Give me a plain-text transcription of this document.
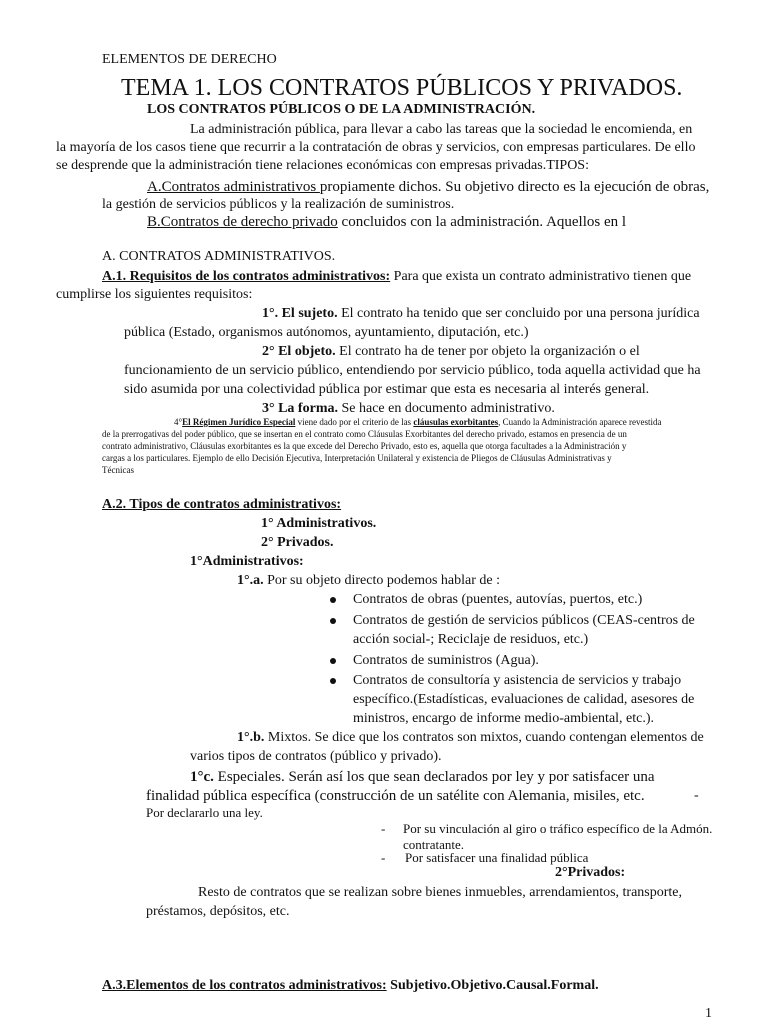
ELEMENTOS DE DERECHO
TEMA 1. LOS CONTRATOS PÚBLICOS Y PRIVADOS.
LOS CONTRATOS PÚBLICOS O DE LA ADMINISTRACIÓN.
La administración pública, para llevar a cabo las tareas que la sociedad le encomienda, en
la mayoría de los casos tiene que recurrir a la contratación de obras y servicios, con empresas particulares. De ello
se desprende que la administración tiene relaciones económicas con empresas privadas.TIPOS:
A.Contratos administrativos propiamente dichos. Su objetivo directo es la ejecución de obras,
la gestión de servicios públicos y la realización de suministros.
B.Contratos de derecho privado concluidos con la administración. Aquellos en l
A. CONTRATOS ADMINISTRATIVOS.
A.1. Requisitos de los contratos administrativos: Para que exista un contrato administrativo tienen que
cumplirse los siguientes requisitos:
1°. El sujeto. El contrato ha tenido que ser concluido por una persona jurídica
pública (Estado, organismos autónomos, ayuntamiento, diputación, etc.)
2° El objeto. El contrato ha de tener por objeto la organización o el
funcionamiento de un servicio público, entendiendo por servicio público, toda aquella actividad que ha
sido asumida por una colectividad pública por estimar que esta es necesaria al interés general.
3° La forma. Se hace en documento administrativo.
4°El Régimen Jurídico Especial viene dado por el criterio de las cláusulas exorbitantes, Cuando la Administración aparece revestida
de la prerrogativas del poder público, que se insertan en el contrato como Cláusulas Exorbitantes del derecho privado, estamos en presencia de un
contrato administrativo, Cláusulas exorbitantes es la que excede del Derecho Privado, esto es, aquella que otorga facultades a la Administración y
cargas a los particulares. Ejemplo de ello Decisión Ejecutiva, Interpretación Unilateral y existencia de Pliegos de Cláusulas Administrativas y
Técnicas
A.2. Tipos de contratos administrativos:
1° Administrativos.
2° Privados.
1°Administrativos:
1°.a. Por su objeto directo podemos hablar de :
Contratos de obras (puentes, autovías, puertos, etc.)
Contratos de gestión de servicios públicos (CEAS-centros de
acción social-; Reciclaje de residuos, etc.)
Contratos de suministros (Agua).
Contratos de consultoría y asistencia de servicios y trabajo
específico.(Estadísticas, evaluaciones de calidad, asesores de
ministros, encargo de informe medio-ambiental, etc.).
1°.b. Mixtos. Se dice que los contratos son mixtos, cuando contengan elementos de
varios tipos de contratos (público y privado).
1°c. Especiales. Serán así los que sean declarados por ley y por satisfacer una
finalidad pública específica (construcción de un satélite con Alemania, misiles, etc.	-
Por declararlo una ley.
- Por su vinculación al giro o tráfico específico de la Admón.
contratante.
- Por satisfacer una finalidad pública
2°Privados:
Resto de contratos que se realizan sobre bienes inmuebles, arrendamientos, transporte,
préstamos, depósitos, etc.
A.3.Elementos de los contratos administrativos: Subjetivo.Objetivo.Causal.Formal.
1
